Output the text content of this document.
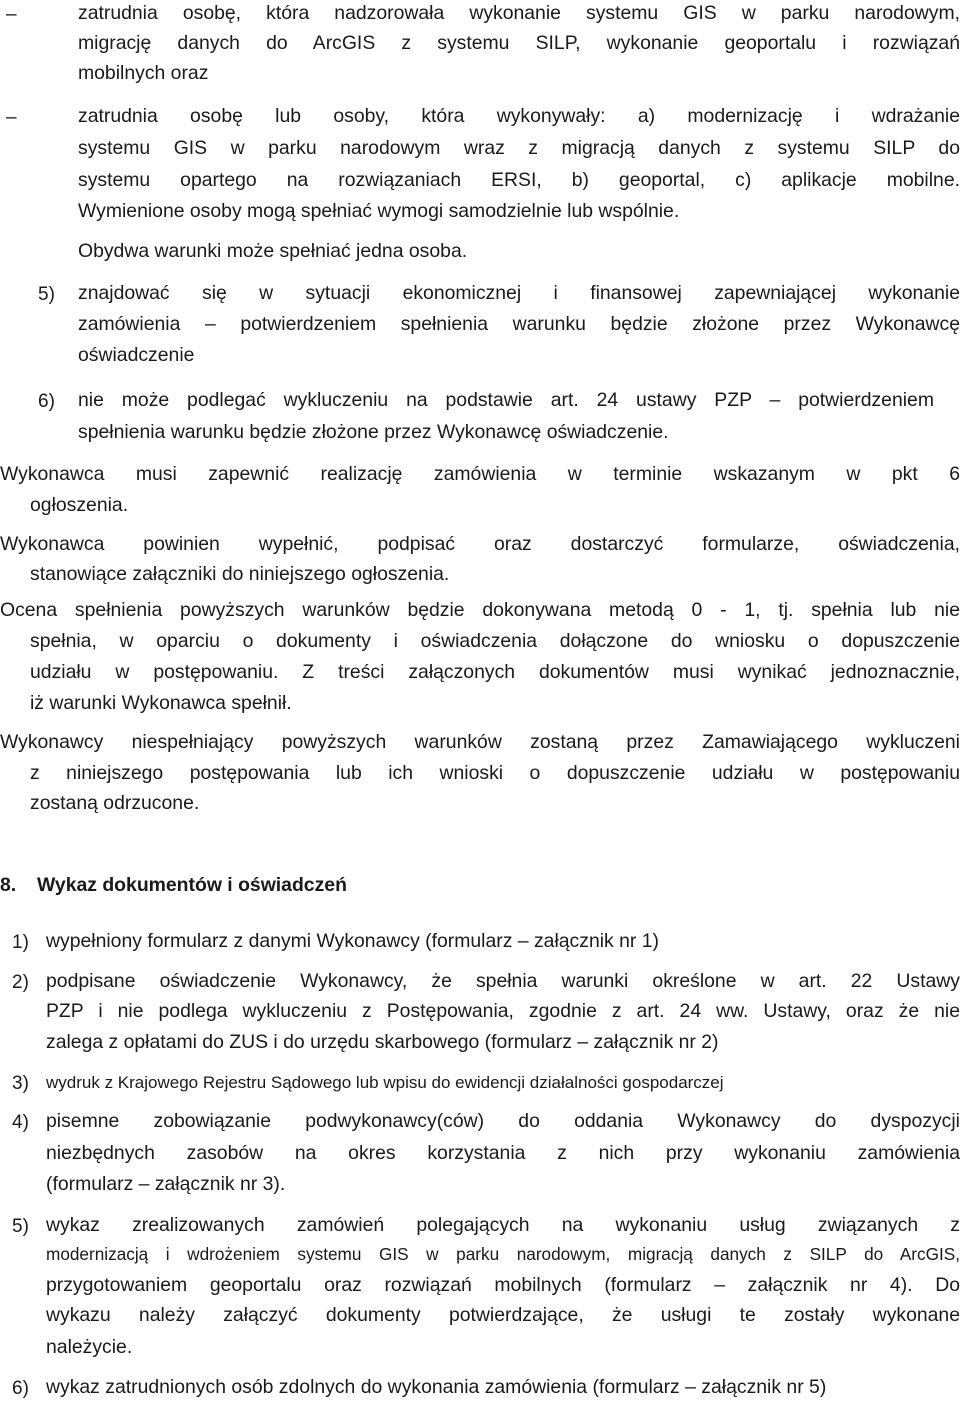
–	zatrudnia osobę, która nadzorowała wykonanie systemu GIS w parku narodowym,
migrację danych do ArcGIS z systemu SILP, wykonanie geoportalu i rozwiązań
mobilnych oraz
–	zatrudnia osobę lub osoby, która wykonywały: a) modernizację i wdrażanie
systemu GIS w parku narodowym wraz z migracją danych z systemu SILP do
systemu opartego na rozwiązaniach ERSI, b) geoportal, c) aplikacje mobilne.
Wymienione osoby mogą spełniać wymogi samodzielnie lub wspólnie.
Obydwa warunki może spełniać jedna osoba.
5) znajdować się w sytuacji ekonomicznej i finansowej zapewniającej wykonanie
zamówienia – potwierdzeniem spełnienia warunku będzie złożone przez Wykonawcę
oświadczenie
6) nie może podlegać wykluczeniu na podstawie art. 24 ustawy PZP – potwierdzeniem
spełnienia warunku będzie złożone przez Wykonawcę oświadczenie.
Wykonawca musi zapewnić realizację zamówienia w terminie wskazanym w pkt 6
ogłoszenia.
Wykonawca powinien wypełnić, podpisać oraz dostarczyć formularze, oświadczenia,
stanowiące załączniki do niniejszego ogłoszenia.
Ocena spełnienia powyższych warunków będzie dokonywana metodą 0 - 1, tj. spełnia lub nie
spełnia, w oparciu o dokumenty i oświadczenia dołączone do wniosku o dopuszczenie
udziału w postępowaniu. Z treści załączonych dokumentów musi wynikać jednoznacznie,
iż warunki Wykonawca spełnił.
Wykonawcy niespełniający powyższych warunków zostaną przez Zamawiającego wykluczeni
z niniejszego postępowania lub ich wnioski o dopuszczenie udziału w postępowaniu
zostaną odrzucone.
8. Wykaz dokumentów i oświadczeń
1) wypełniony formularz z danymi Wykonawcy (formularz – załącznik nr 1)
2) podpisane oświadczenie Wykonawcy, że spełnia warunki określone w art. 22 Ustawy
PZP i nie podlega wykluczeniu z Postępowania, zgodnie z art. 24 ww. Ustawy, oraz że nie
zalega z opłatami do ZUS i do urzędu skarbowego (formularz – załącznik nr 2)
3) wydruk z Krajowego Rejestru Sądowego lub wpisu do ewidencji działalności gospodarczej
4) pisemne zobowiązanie podwykonawcy(ców) do oddania Wykonawcy do dyspozycji
niezbędnych zasobów na okres korzystania z nich przy wykonaniu zamówienia
(formularz – załącznik nr 3).
5) wykaz zrealizowanych zamówień polegających na wykonaniu usług związanych z
modernizacją i wdrożeniem systemu GIS w parku narodowym, migracją danych z SILP do ArcGIS,
przygotowaniem geoportalu oraz rozwiązań mobilnych (formularz – załącznik nr 4). Do
wykazu należy załączyć dokumenty potwierdzające, że usługi te zostały wykonane
należycie.
6) wykaz zatrudnionych osób zdolnych do wykonania zamówienia (formularz – załącznik nr 5)
